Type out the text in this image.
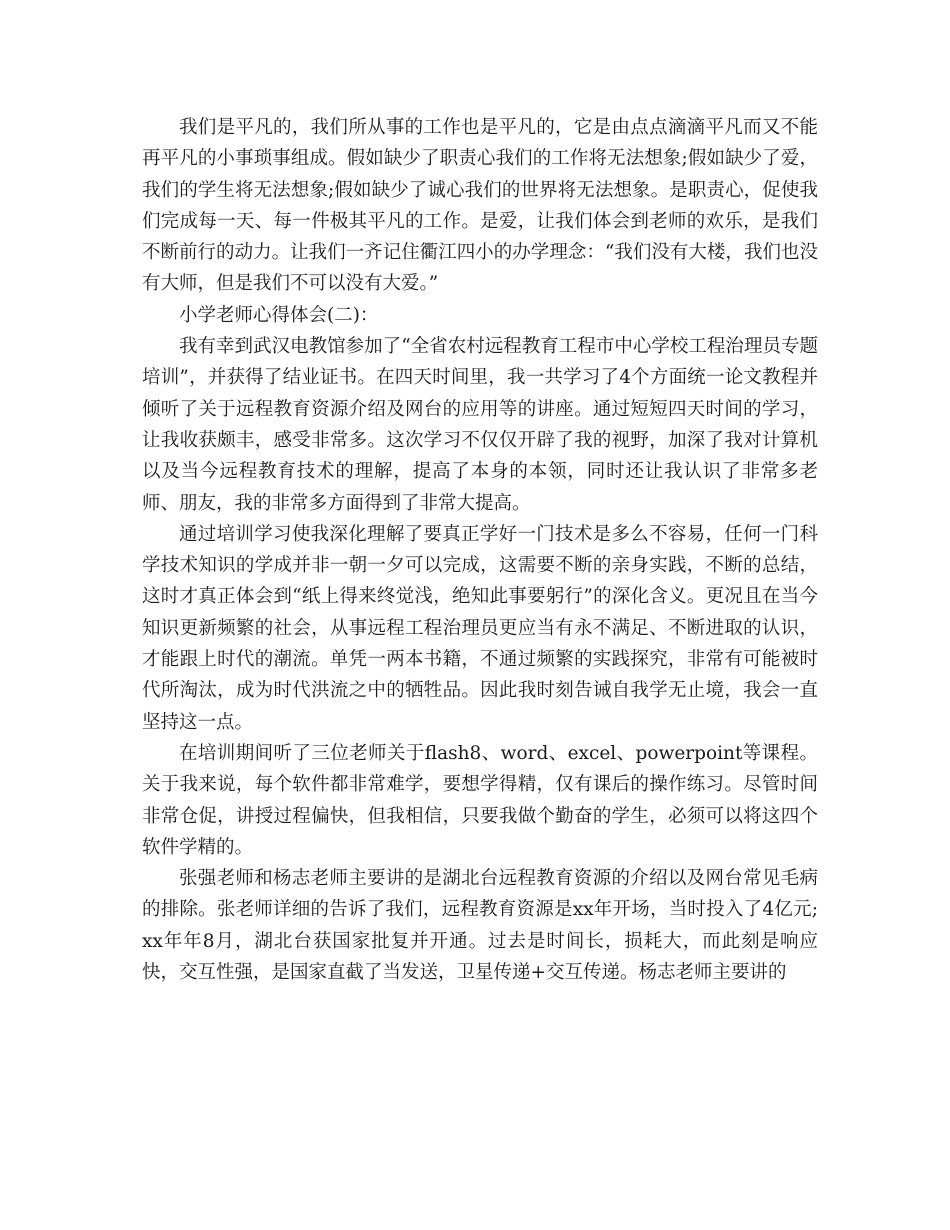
我们是平凡的，我们所从事的工作也是平凡的，它是由点点滴滴平凡而又不能再平凡的小事琐事组成。假如缺少了职责心我们的工作将无法想象;假如缺少了爱，我们的学生将无法想象;假如缺少了诚心我们的世界将无法想象。是职责心，促使我们完成每一天、每一件极其平凡的工作。是爱，让我们体会到老师的欢乐，是我们不断前行的动力。让我们一齐记住衢江四小的办学理念：“我们没有大楼，我们也没有大师，但是我们不可以没有大爱。”

小学老师心得体会(二)：

我有幸到武汉电教馆参加了“全省农村远程教育工程市中心学校工程治理员专题培训”，并获得了结业证书。在四天时间里，我一共学习了4个方面统一论文教程并倾听了关于远程教育资源介绍及网台的应用等的讲座。通过短短四天时间的学习，让我收获颇丰，感受非常多。这次学习不仅仅开辟了我的视野，加深了我对计算机以及当今远程教育技术的理解，提高了本身的本领，同时还让我认识了非常多老师、朋友，我的非常多方面得到了非常大提高。

通过培训学习使我深化理解了要真正学好一门技术是多么不容易，任何一门科学技术知识的学成并非一朝一夕可以完成，这需要不断的亲身实践，不断的总结，这时才真正体会到“纸上得来终觉浅，绝知此事要躬行”的深化含义。更况且在当今知识更新频繁的社会，从事远程工程治理员更应当有永不满足、不断进取的认识，才能跟上时代的潮流。单凭一两本书籍，不通过频繁的实践探究，非常有可能被时代所淘汰，成为时代洪流之中的牺牲品。因此我时刻告诫自我学无止境，我会一直坚持这一点。

在培训期间听了三位老师关于flash8、word、excel、powerpoint等课程。关于我来说，每个软件都非常难学，要想学得精，仅有课后的操作练习。尽管时间非常仓促，讲授过程偏快，但我相信，只要我做个勤奋的学生，必须可以将这四个软件学精的。

张强老师和杨志老师主要讲的是湖北台远程教育资源的介绍以及网台常见毛病的排除。张老师详细的告诉了我们，远程教育资源是xx年开场，当时投入了4亿元;xx年年8月，湖北台获国家批复并开通。过去是时间长，损耗大，而此刻是响应快，交互性强，是国家直截了当发送，卫星传递+交互传递。杨志老师主要讲的
